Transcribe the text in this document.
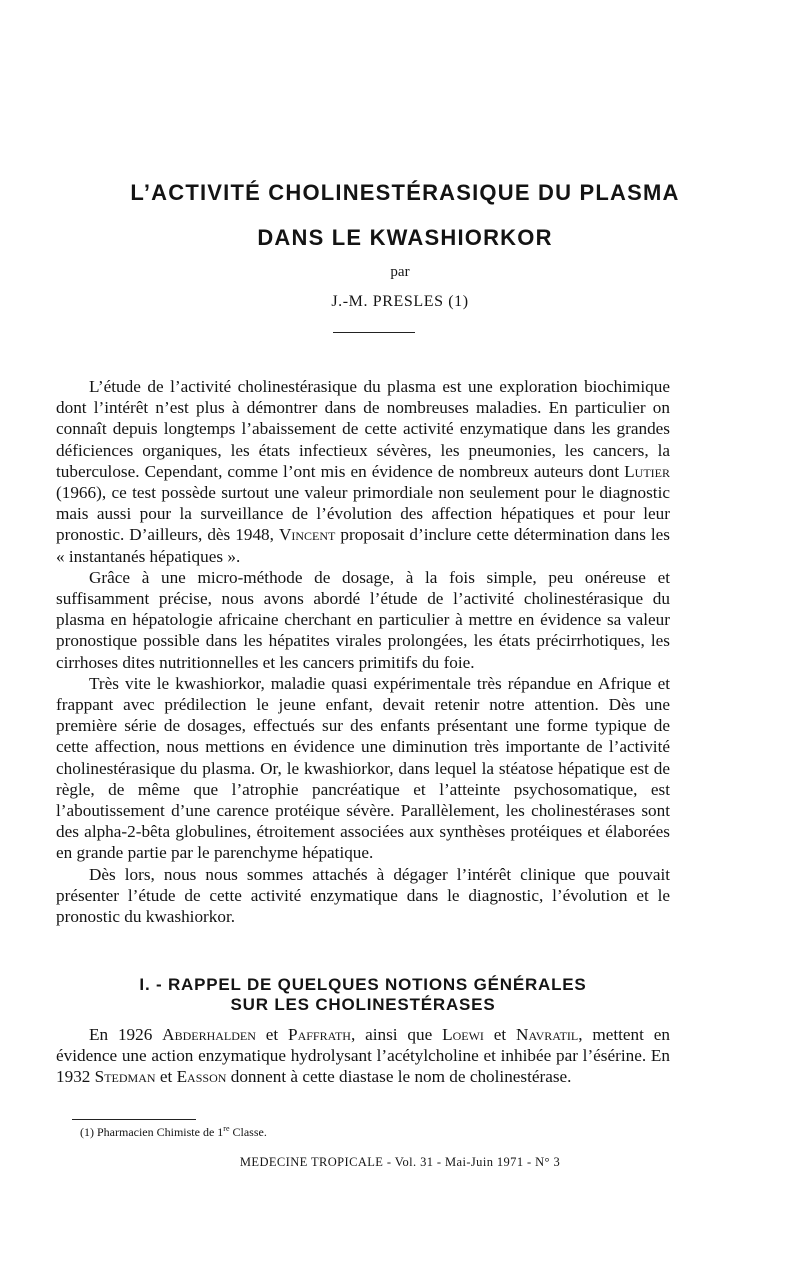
L’ACTIVITÉ CHOLINESTÉRASIQUE DU PLASMA
DANS LE KWASHIORKOR
par
J.-M. PRESLES (1)

L’étude de l’activité cholinestérasique du plasma est une exploration biochimique dont l’intérêt n’est plus à démontrer dans de nombreuses maladies. En particulier on connaît depuis longtemps l’abaissement de cette activité enzymatique dans les grandes déficiences organiques, les états infectieux sévères, les pneumonies, les cancers, la tuberculose. Cependant, comme l’ont mis en évidence de nombreux auteurs dont Lutier (1966), ce test possède surtout une valeur primordiale non seulement pour le diagnostic mais aussi pour la surveillance de l’évolution des affection hépatiques et pour leur pronostic. D’ailleurs, dès 1948, Vincent proposait d’inclure cette détermination dans les « instantanés hépatiques ».

Grâce à une micro-méthode de dosage, à la fois simple, peu onéreuse et suffisamment précise, nous avons abordé l’étude de l’activité cholinestérasique du plasma en hépatologie africaine cherchant en particulier à mettre en évidence sa valeur pronostique possible dans les hépatites virales prolongées, les états précirrhotiques, les cirrhoses dites nutritionnelles et les cancers primitifs du foie.

Très vite le kwashiorkor, maladie quasi expérimentale très répandue en Afrique et frappant avec prédilection le jeune enfant, devait retenir notre attention. Dès une première série de dosages, effectués sur des enfants présentant une forme typique de cette affection, nous mettions en évidence une diminution très importante de l’activité cholinestérasique du plasma. Or, le kwashiorkor, dans lequel la stéatose hépatique est de règle, de même que l’atrophie pancréatique et l’atteinte psychosomatique, est l’aboutissement d’une carence protéique sévère. Parallèlement, les cholinestérases sont des alpha-2-bêta globulines, étroitement associées aux synthèses protéiques et élaborées en grande partie par le parenchyme hépatique.

Dès lors, nous nous sommes attachés à dégager l’intérêt clinique que pouvait présenter l’étude de cette activité enzymatique dans le diagnostic, l’évolution et le pronostic du kwashiorkor.

I. - RAPPEL DE QUELQUES NOTIONS GÉNÉRALES
SUR LES CHOLINESTÉRASES

En 1926 Abderhalden et Paffrath, ainsi que Loewi et Navratil, mettent en évidence une action enzymatique hydrolysant l’acétylcholine et inhibée par l’ésérine. En 1932 Stedman et Easson donnent à cette diastase le nom de cholinestérase.

(1) Pharmacien Chimiste de 1re Classe.
MEDECINE TROPICALE - Vol. 31 - Mai-Juin 1971 - N° 3
